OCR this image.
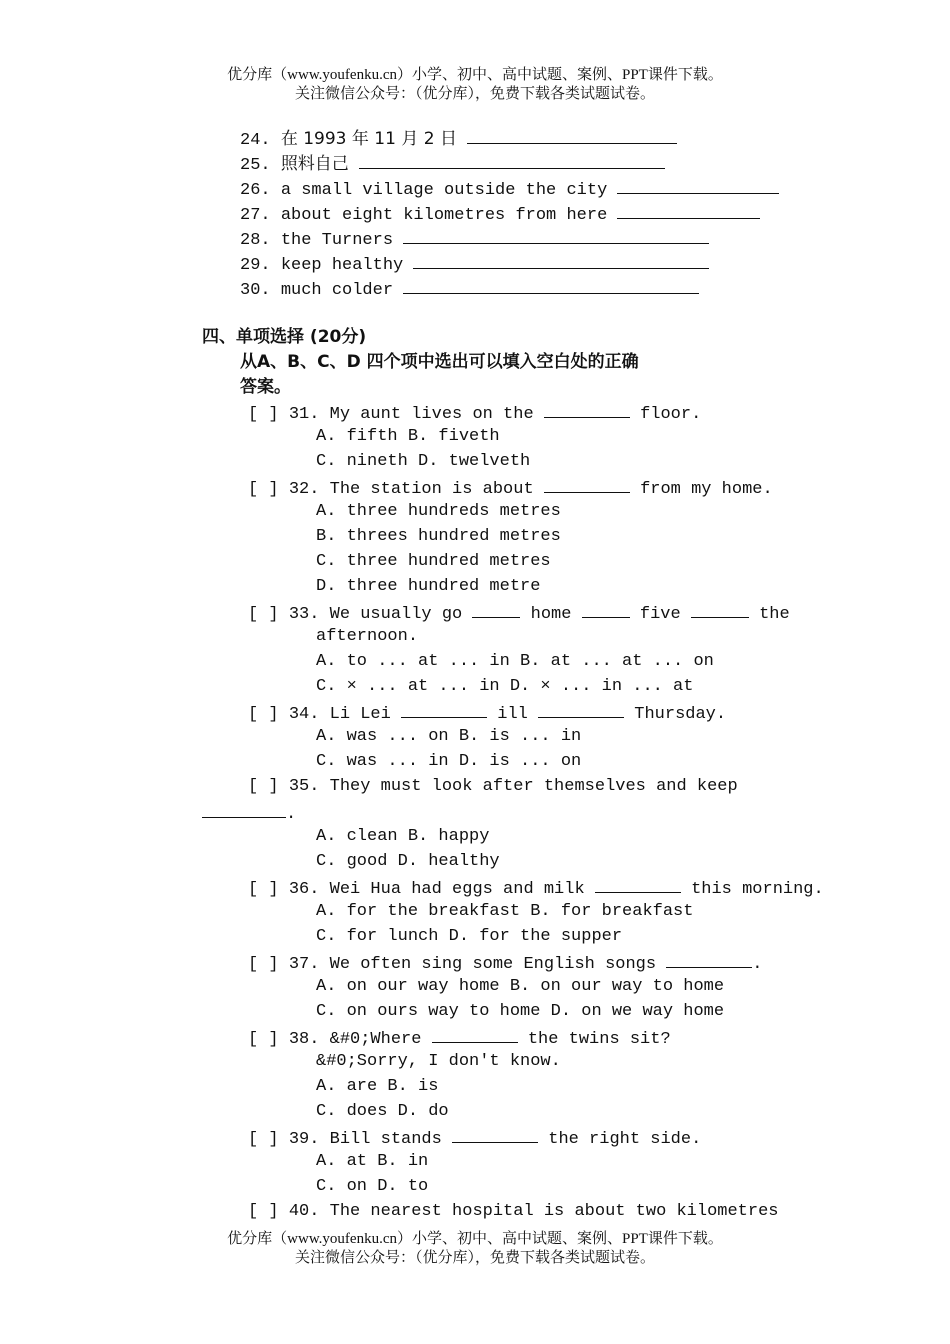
优分库（www.youfenku.cn）小学、初中、高中试题、案例、PPT课件下载。
关注微信公众号：（优分库），免费下载各类试题试卷。
24. 在 1993 年 11 月 2 日
25. 照料自己
26. a small village outside the city
27. about eight kilometres from here
28. the Turners
29. keep healthy
30. much colder
四、单项选择 (20分)
从A、B、C、D 四个项中选出可以填入空白处的正确
答案。
[ ] 31. My aunt lives on the	floor.
A. fifth B. fiveth
C. nineth D. twelveth
[ ] 32. The station is about	from my home.
A. three hundreds metres
B. threes hundred metres
C. three hundred metres
D. three hundred metre
[ ] 33. We usually go	home	five	the
afternoon.
A. to ... at ... in B. at ... at ... on
C. × ... at ... in D. × ... in ... at
[ ] 34. Li Lei	ill	Thursday.
A. was ... on B. is ... in
C. was ... in D. is ... on
[ ] 35. They must look after themselves and keep
.
A. clean B. happy
C. good D. healthy
[ ] 36. Wei Hua had eggs and milk	this morning.
A. for the breakfast B. for breakfast
C. for lunch D. for the supper
[ ] 37. We often sing some English songs	.
A. on our way home B. on our way to home
C. on ours way to home D. on we way home
[ ] 38. &#0;Where	the twins sit?
&#0;Sorry, I don't know.
A. are B. is
C. does D. do
[ ] 39. Bill stands	the right side.
A. at B. in
C. on D. to
[ ] 40. The nearest hospital is about two kilometres
优分库（www.youfenku.cn）小学、初中、高中试题、案例、PPT课件下载。
关注微信公众号：（优分库），免费下载各类试题试卷。
